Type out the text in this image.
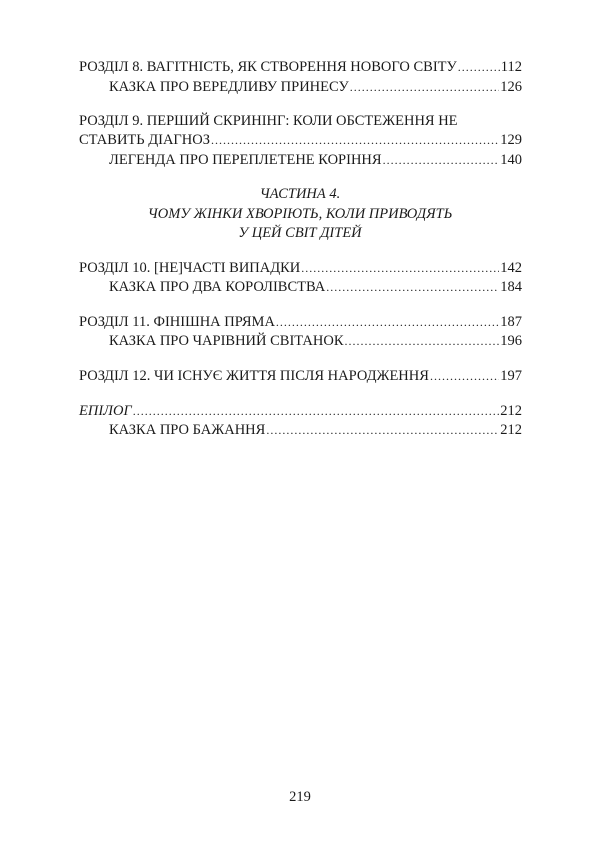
РОЗДІЛ 8. ВАГІТНІСТЬ, ЯК СТВОРЕННЯ НОВОГО СВІТУ .....	112
КАЗКА ПРО ВЕРЕДЛИВУ ПРИНЕСУ .....	126
РОЗДІЛ 9. ПЕРШИЙ СКРИНІНГ: КОЛИ ОБСТЕЖЕННЯ НЕ
СТАВИТЬ ДІАГНОЗ .....	129
ЛЕГЕНДА ПРО ПЕРЕПЛЕТЕНЕ КОРІННЯ .....	140
ЧАСТИНА 4.
ЧОМУ ЖІНКИ ХВОРІЮТЬ, КОЛИ ПРИВОДЯТЬ
У ЦЕЙ СВІТ ДІТЕЙ
РОЗДІЛ 10. [НЕ]ЧАСТІ ВИПАДКИ .....	142
КАЗКА ПРО ДВА КОРОЛІВСТВА .....	184
РОЗДІЛ 11. ФІНІШНА ПРЯМА .....	187
КАЗКА ПРО ЧАРІВНИЙ СВІТАНОК .....	196
РОЗДІЛ 12. ЧИ ІСНУЄ ЖИТТЯ ПІСЛЯ НАРОДЖЕННЯ .....	197
ЕПІЛОГ .....	212
КАЗКА ПРО БАЖАННЯ .....	212
219
